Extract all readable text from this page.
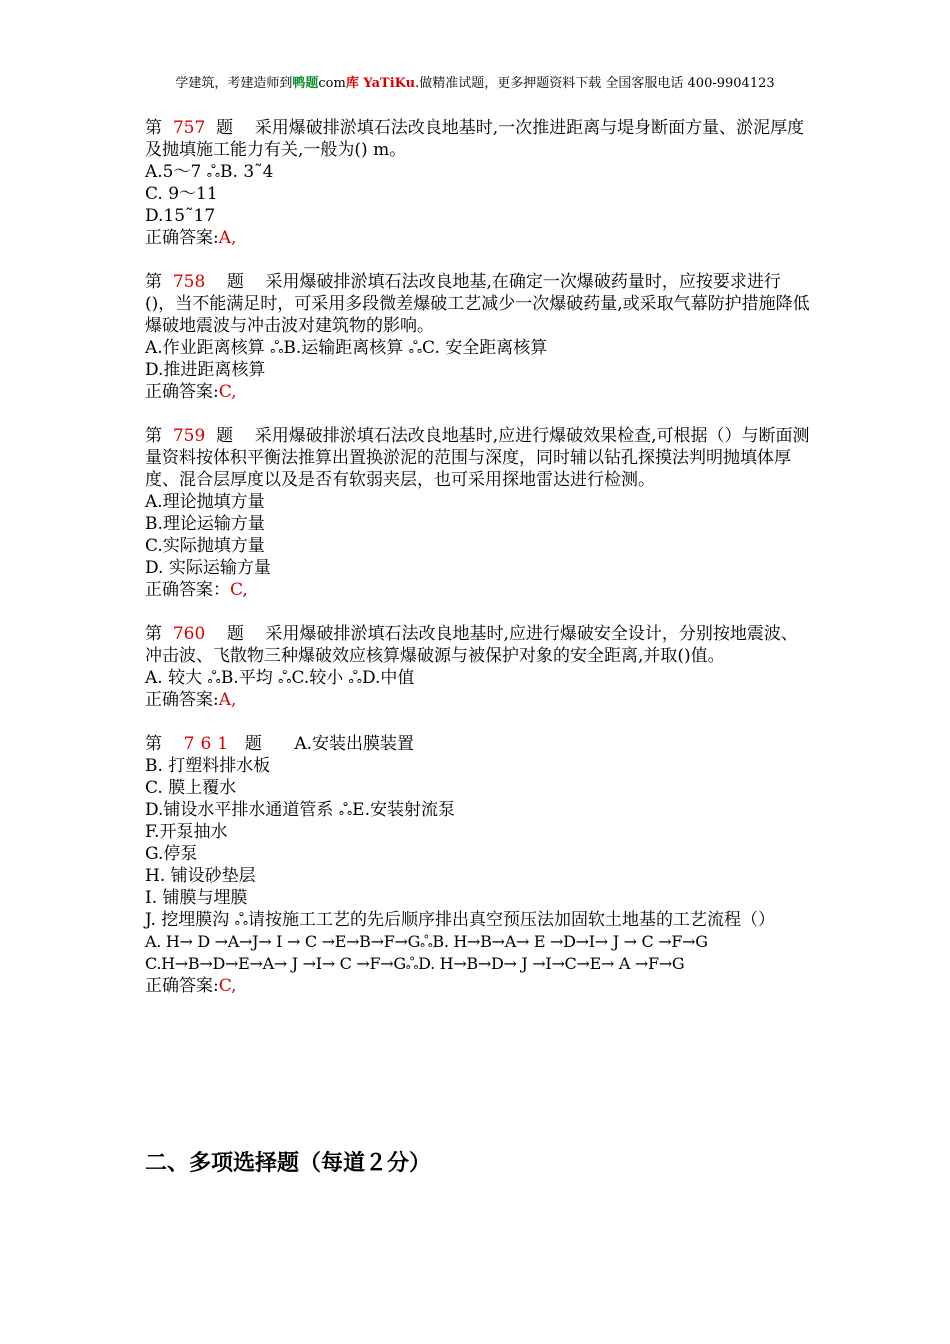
学建筑，考建造师到鸭题com库 YaTiKu.做精准试题，更多押题资料下载 全国客服电话 400-9904123
第 757 题 采用爆破排淤填石法改良地基时,一次推进距离与堤身断面方量、淤泥厚度及抛填施工能力有关,一般为() m。
A.5～7 ஃB. 3˜4
C. 9～11
D.15˜17
正确答案:A,
第 758 题 采用爆破排淤填石法改良地基,在确定一次爆破药量时，应按要求进行()，当不能满足时，可采用多段微差爆破工艺减少一次爆破药量,或采取气幕防护措施降低爆破地震波与冲击波对建筑物的影响。
A.作业距离核算 ஃB.运输距离核算 ஃC. 安全距离核算
D.推进距离核算
正确答案:C,
第 759 题 采用爆破排淤填石法改良地基时,应进行爆破效果检查,可根据（）与断面测量资料按体积平衡法推算出置换淤泥的范围与深度，同时辅以钻孔探摸法判明抛填体厚度、混合层厚度以及是否有软弱夹层，也可采用探地雷达进行检测。
A.理论抛填方量
B.理论运输方量
C.实际抛填方量
D. 实际运输方量
正确答案：C,
第 760 题 采用爆破排淤填石法改良地基时,应进行爆破安全设计，分别按地震波、冲击波、飞散物三种爆破效应核算爆破源与被保护对象的安全距离,并取()值。
A. 较大 ஃB.平均 ஃC.较小 ஃD.中值
正确答案:A,
第 761 题 A.安装出膜装置
B. 打塑料排水板
C. 膜上覆水
D.铺设水平排水通道管系 ஃE.安装射流泵
F.开泵抽水
G.停泵
H. 铺设砂垫层
I. 铺膜与埋膜
J. 挖埋膜沟 ஃ请按施工工艺的先后顺序排出真空预压法加固软土地基的工艺流程（）
A. H→ D →A→J→ I → C →E→B→F→GஃB. H→B→A→ E →D→I→ J → C →F→G
C.H→B→D→E→A→ J →I→ C →F→GஃD. H→B→D→ J →I→C→E→ A →F→G
正确答案:C,
二、多项选择题（每道２分）
